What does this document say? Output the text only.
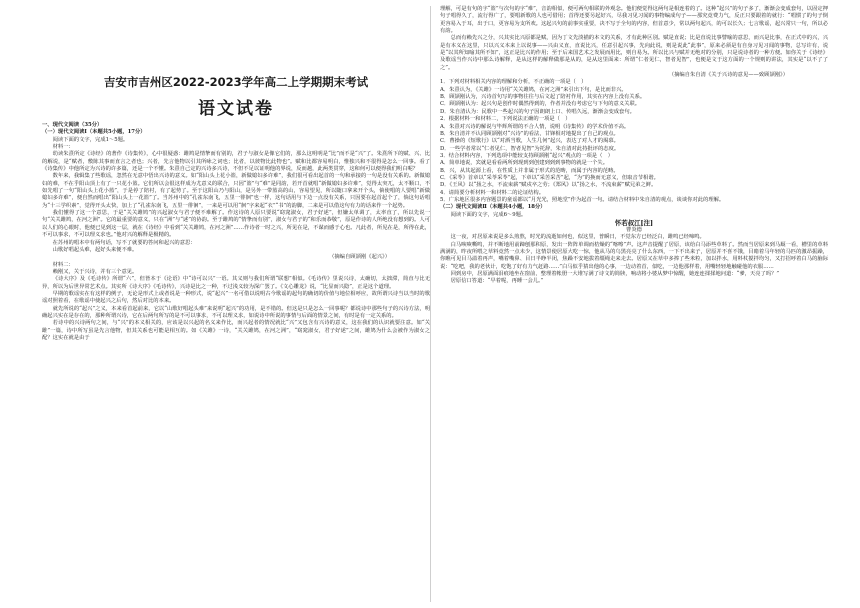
吉安市吉州区2022-2023学年高二上学期期末考试
语文试卷

一、现代文阅读（35分）

（一）现代文阅读Ⅰ（本题共5小题，17分）

阅读下面的文字，完成1～5题。

材料一：

幼读朱熹所定《诗经》的著作《诗集传》，心中很疑惑：雎鸠是情挚而有别的，君子与淑女是像它们的，那么这明明是“比”而不是“兴”了。朱熹所下的赋、兴、比的解说，是“赋者，敷陈其事而直言之者也；兴者，先言他物以引其所咏之词也；比者，以彼物比此物也”。赋和比都容易明白，惟独兴和不很得是怎么一回事。看了《诗集传》中他所定为兴诗的许多篇，还是一个不懂。朱熹自己定的兴诗多兴诗，不但不足以证明他的界说，反而越，此两类贯穿，这和何可以便得我们明白呢？

数年来，我辑集了些歌谣，忽然在无意中悟出兴诗的意义。如“阳山头上花小篮，新做媳妇多许难”，我们很可看出起首的一句和承接的一句是没有关系的。新做媳妇的难，不在乎阳山顶上有了一只花小篮。它们所以会很这样成为尤意义的联合，只因“篮”与“难”是同韵，若开首就唱“新做媳妇多许难”，觉得太突兀，太不顺口，不如先唱了一句“阳山头上花小篮”，于是停了陪衬，有了起势了。至于这阳山乃与阳山，是另外一带篮高的山，容易望见，所以随口拿来开个头，倘使唱的人要唱“新做媳妇多许难”，便自然而唱出“阳山头上一花篮”了。当苏州中的“孔雀东南飞，五里一徘徊”也一样，这句话用与下边一点没有关系，只因要在起首起个了，倘这句话唱为“十三学织素”，觉得开头太快，加上了“孔雀东南飞，五里一徘徊”，一来是可以用“徊”字来起“衣”“书”的韵脚，二来是可以借这句有力的话来作一个起势。

我们懂得了这一个意思，于是“关关雎鸠”的兴起淑女与君子便不难解了。作这诗的人原只要说“窈窕淑女，君子好逑”，但嫌太单调了，太率直了，所以先说一句“关关雎鸠，在河之洲”。它的最重要的意义，只在“洲”与“逑”的协韵。至于雎鸠的“情挚而有别”，淑女与君子的“和乐而恭敬”，原是作诗的人所绝没有想到的。人可以人们的心眼时，他便已见到这一层，就在《诗经》中看到“关关雎鸠，在河之洲”……作诗者一时之兴，所见在是，不谋而感于心也。凡此者，所见在是，所得在此，不可以事求，不可以理义求也。”他对兴的解释是极精的。

在苏州的唱本中有两句话，写不了就要的答问和起兴的意思：

山歌好唱起头难，起好头来便不难。

（摘编自顾颉刚《起兴》）

材料二：

赖刚又，关于兴诗，并有三个意见。

《诗大序》及《毛诗传》所谓“六”，但皆本于《论语》中“诗可以兴”一语。其义则与我们所谓“联想”相似。《毛诗传》里说兴诗，太确切，太拙滞，简直与比无异，所以为后世异常艺术点。其实所《诗大序》《毛诗传》，兴诗是比之一种，不过浅义较为深广罢了。《文心雕龙》说，“比显而兴隐”，正是这个道理。

早期的歌谣实在有这样的例子，无论是形式上或者说是一种形式，说“起兴”一名可借以说明古今歌谣的起句的确切的价值与地位相呼应，故所谓兴诗当以当时的歌谣对照着看，在歌谣中使起兴之后句，然后对比的本来。

就先所说的“起兴”之义，本来看首起前来，它以“山歌好唱起头难”来说明“起兴”的功用，是不错的。但这是只是怎么一回事呢？都说诗中那些句子的兴诗方法，明确起兴实在是存在的，那种所谓兴诗，它在后两句所写的是不可以事求，不可以理义求，如说诗中所说的事情与后面的情景之间，有时是有一定关系的。

若诗中的兴诗两句之间，与“兴”的本义相关的，应该是以兴起的名义来作比，而兴起者的情况就比“兴”又包含有兴诗的意义，这在我们的认识就要注意。如“关雎”一篇，诗中所写虽是先言他物，但其关系也可能是相互的。如《关雎》一诗，“关关雎鸠，在河之洲”，“窈窕淑女，君子好逑”之间，雎鸠为什么会被作为淑女之配？这实在就是由于

理解，可是有句的字“篮”与次句的字“难”，音韵相似，便可两句相联的外观念。他们便觉得这两句是相连着的了。这种“起兴”的句子多了，渐渐会变成套句，以固定押句子唱得久了，流行得广了，要唱新歌的人也可借用；首得还要另起好兴，尽我习见习闻的事物编成句子——那究竟费力气，反正只要跟着的就行：“唱惯了的句子倒更容易入于耳，出于口，更容易为支所欢。这起兴句的前事实重要，决不写于全句的内容，但首意少，常以两句起兴，的可以长久；七言歌谣，起兴常只一句，所以必有韵。

总而有赖先兴之分，兴其实比兴原都是赋，因为丁文先淡描的本文的关系，才有此种区别。赋是直说；比是直说比事譬喻的意思，而兴是比事，在正式中的兴，兴是有本义在这里，只以兴义本来上以说事——兴由义直，直说比兴，任意引起兴事，先向此说，则是说此“此事”，原来必须是有自身习见习闻的事物，总写许有，说是“以其所知喻其所不知”，这正是比兴的作用；至于后来国艺术之发展而用比，则自易为。所以比兴与赋并无绝对的分别，只是说诗者的一种方便。如你关于《诗经》及歌谣当作兴诗中那么诗解释，是从这样的解释做那是从的，是从这里面来：所谓“仁者见仁，智者见智”，也便是文于这方面的一个规则的讲法，其实是“以不了了之”。

（摘编自朱自清《关于兴诗的意见——致顾颉刚》）

1．下列对材料相关内容的理解和分析，不正确的一项是（　）

A．朱熹认为，《关雎》一诗用“关关雎鸠，在河之洲”来引出下句，是比而非兴。

B．顾颉刚认为，兴诗首句写的事物往往与后文起了陪衬作用，其实在内容上没有关系。

C．顾颉刚认为：起兴句是创作时偶然得到的，作者并没有考虑它与下句的意义关联。

D．朱自清认为：民歌中一些起兴的句子因朗朗上口、传唱久远，渐渐会变成套句。

2．根据材料一和材料二，下列说法正确的一项是（　）

A．朱熹对兴诗的解说与毕辉所谓的不合人情，说明《诗集传》的学术价值不高。

B．朱自清并不认同顾颉刚对“兴诗”的看法，甘锋相对地提出了自己的观点。

C．曹操的《短歌行》以“对酒当歌，人生几何”起兴，表达了对人才的渴慕。

D．一些学者常以“仁者见仁，智者见智”为托辞，朱自清对此持批评的态度。

3．结合材料内容，下列选项中能较支持顾颉刚“起兴”观点的一项是（　）

A．简单地说，宾就是看看两所到现到到创建到到到事物的就是一个失。

B．兴，从其起源上看，在性质上并非属于形式的范畴，而属于内容的范畴。

C．《采苓》首章以“采苓采苓”起，下章以“采苦采苦”起，“为”的换而无意义，但取音节相谐。

D．《王风》以“扬之水，不流束薪”赋戍卒之劳；《郑风》以“扬之水，不流束薪”赋兄弟之鲜。

4．请简要分析材料一和材料二的论证结构。

5．广东地区很多内容题景的童谣都以“月光光，照地堂”作为起首一句。请结合材料中朱自清的观点，谈谈你对此的理解。

（二）现代文阅读Ⅱ（本题共4小题，18分）

阅读下面的文字，完成6～9题。

怀若叔江[注]

曹炎德

这一夜，对居原来说是多么煎熬，时光的流逝如何也，似这里，普瞬日，不觉东方已经泛白，雎鸣已经啼鸣。

白马咴咴嘶鸣，并不断地用前蹄刨那积原，发出一阵阵单调而桔燥的“喀嚓”声。这声音提醒了居原，该给白马添些草料了。然而当居原来到马厩一看，槽里的草料满满的，昨夜所喂之草料竟然一点未少，这情景使居原大吃一惊，他从马的乌黑亮亮了什么东西，一下不出来子，居原并不喜不饿，目睹着马年轻的马匹的激昂振躁，你瞧可见目马溢着再声，嘴着嘴鼻、目日半睁半闭，焦躁不安地拔着缰绳走来走去。居原又在草中多捧了些米粒，加以拌水，用料杖搅拌均匀，又打招呼着白马的脑际说：“吃吧，我的老伙计，吃饱了好有力气赶路……”白马似乎猜出他的心事，一边动着首，似吃，一边他那样着，用嘴轻轻地触碰他的衣服……

回到房中，居原满面泪痕地坐在窗前，整理着帐册一大堆写满了诗文的简牍，响动将小婆从梦中惊醒，她连连揉揉地问道：“爹，天亮了吗？”

居原信口答道：“早着呢，再睡一会儿。”
